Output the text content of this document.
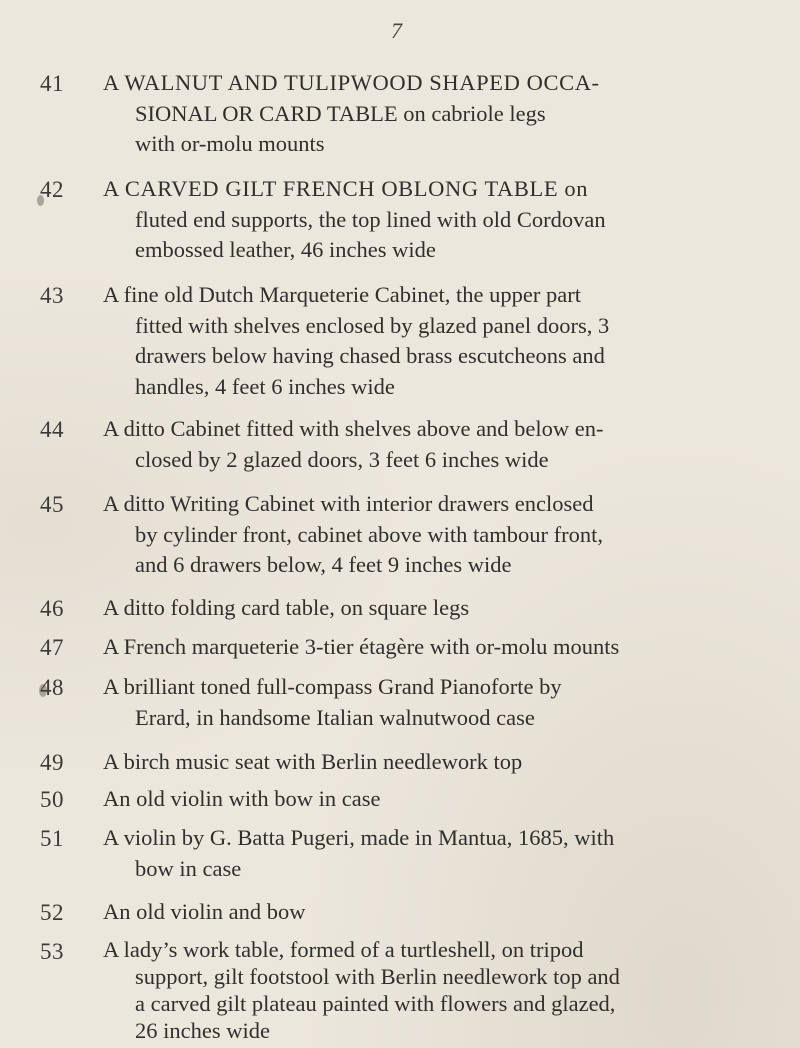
7
41	A WALNUT AND TULIPWOOD SHAPED OCCA-
SIONAL OR CARD TABLE on cabriole legs
with or-molu mounts
42	A CARVED GILT FRENCH OBLONG TABLE on
fluted end supports, the top lined with old Cordovan
embossed leather, 46 inches wide
43	A fine old Dutch Marqueterie Cabinet, the upper part
fitted with shelves enclosed by glazed panel doors, 3
drawers below having chased brass escutcheons and
handles, 4 feet 6 inches wide
44	A ditto Cabinet fitted with shelves above and below en-
closed by 2 glazed doors, 3 feet 6 inches wide
45	A ditto Writing Cabinet with interior drawers enclosed
by cylinder front, cabinet above with tambour front,
and 6 drawers below, 4 feet 9 inches wide
46	A ditto folding card table, on square legs
47	A French marqueterie 3-tier étagère with or-molu mounts
48	A brilliant toned full-compass Grand Pianoforte by
Erard, in handsome Italian walnutwood case
49	A birch music seat with Berlin needlework top
50	An old violin with bow in case
51	A violin by G. Batta Pugeri, made in Mantua, 1685, with
bow in case
52	An old violin and bow
53	A lady’s work table, formed of a turtleshell, on tripod
support, gilt footstool with Berlin needlework top and
a carved gilt plateau painted with flowers and glazed,
26 inches wide
